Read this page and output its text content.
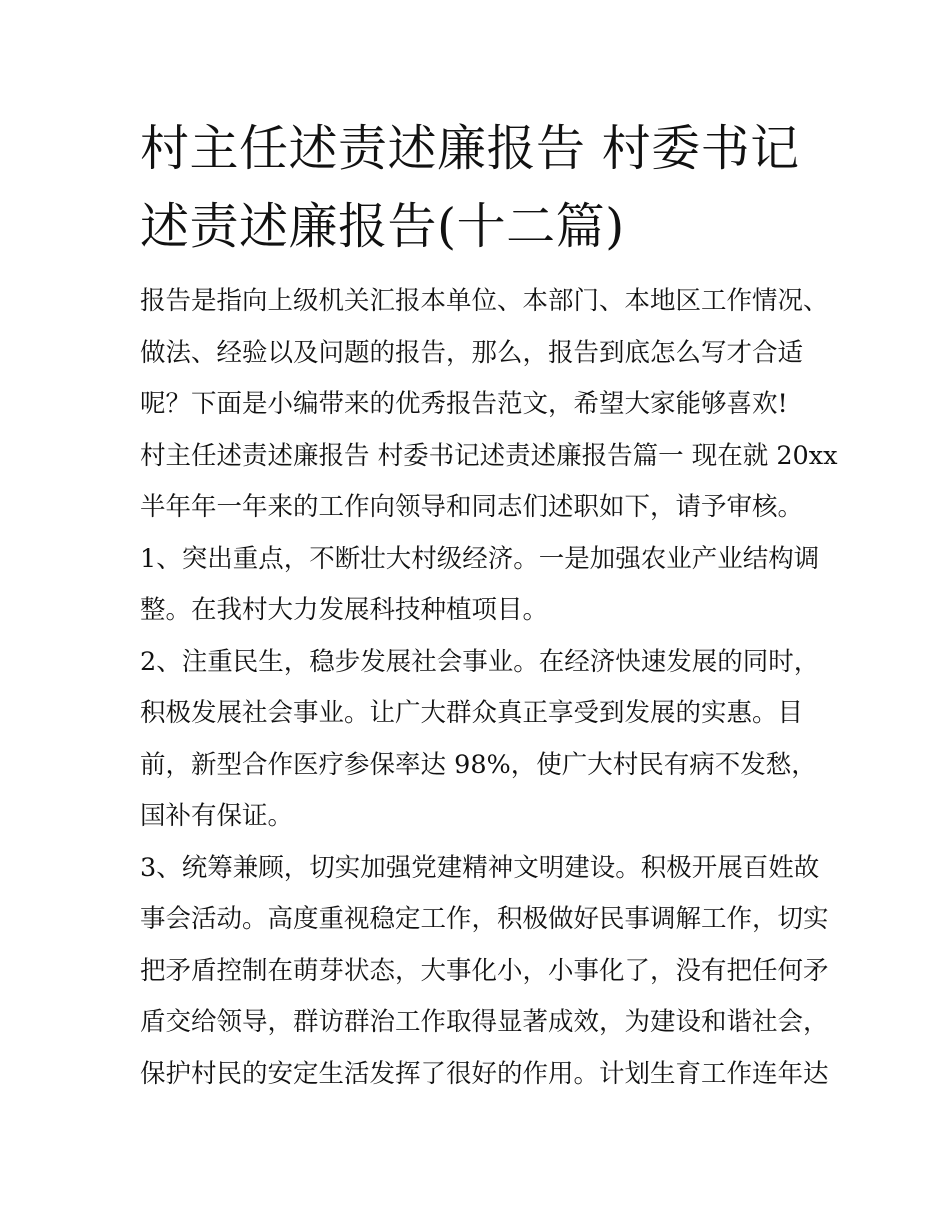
村主任述责述廉报告 村委书记
述责述廉报告(十二篇)
报告是指向上级机关汇报本单位、本部门、本地区工作情况、
做法、经验以及问题的报告，那么，报告到底怎么写才合适
呢？下面是小编带来的优秀报告范文，希望大家能够喜欢!
村主任述责述廉报告 村委书记述责述廉报告篇一 现在就 20xx
半年年一年来的工作向领导和同志们述职如下，请予审核。
1、突出重点，不断壮大村级经济。一是加强农业产业结构调
整。在我村大力发展科技种植项目。
2、注重民生，稳步发展社会事业。在经济快速发展的同时，
积极发展社会事业。让广大群众真正享受到发展的实惠。目
前，新型合作医疗参保率达 98%，使广大村民有病不发愁，
国补有保证。
3、统筹兼顾，切实加强党建精神文明建设。积极开展百姓故
事会活动。高度重视稳定工作，积极做好民事调解工作，切实
把矛盾控制在萌芽状态，大事化小，小事化了，没有把任何矛
盾交给领导，群访群治工作取得显著成效，为建设和谐社会，
保护村民的安定生活发挥了很好的作用。计划生育工作连年达
